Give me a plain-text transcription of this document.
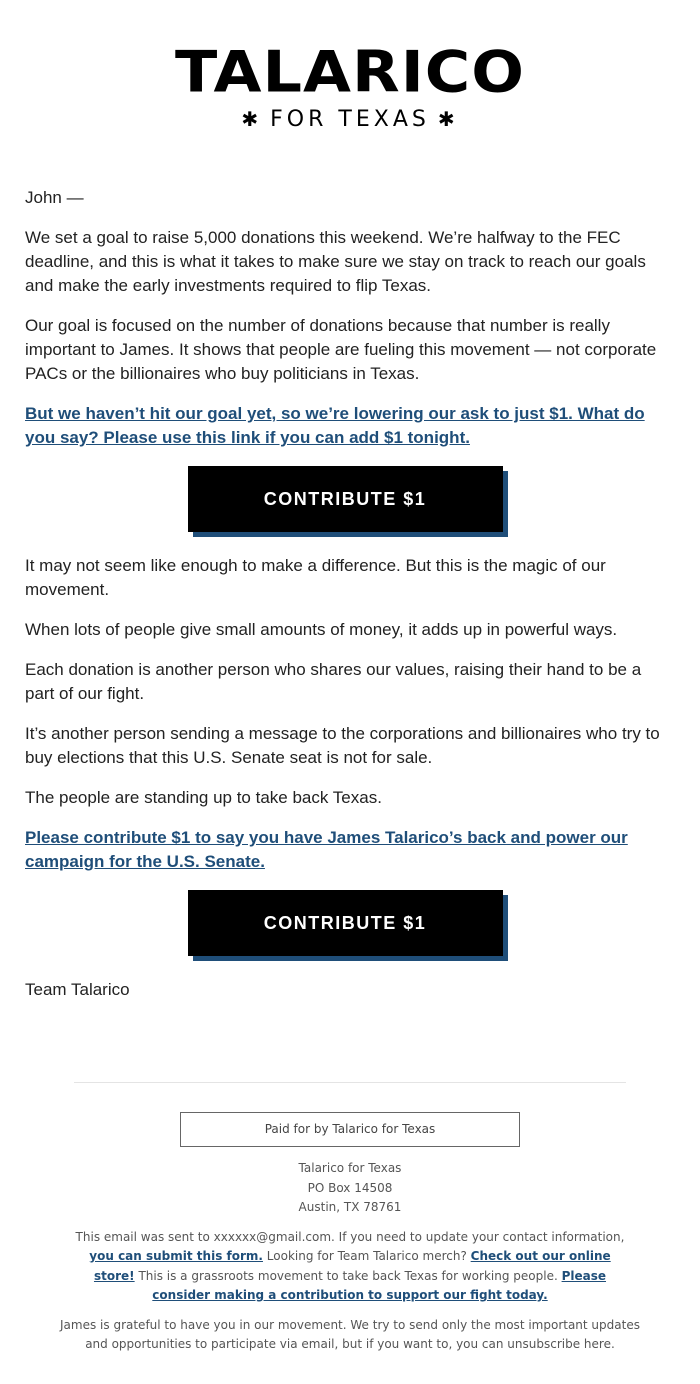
TALARICO
✱ FOR TEXAS ✱

John —

We set a goal to raise 5,000 donations this weekend. We’re halfway to the FEC deadline, and this is what it takes to make sure we stay on track to reach our goals and make the early investments required to flip Texas.

Our goal is focused on the number of donations because that number is really important to James. It shows that people are fueling this movement — not corporate PACs or the billionaires who buy politicians in Texas.

But we haven’t hit our goal yet, so we’re lowering our ask to just $1. What do you say? Please use this link if you can add $1 tonight.
CONTRIBUTE $1

It may not seem like enough to make a difference. But this is the magic of our movement.

When lots of people give small amounts of money, it adds up in powerful ways.

Each donation is another person who shares our values, raising their hand to be a part of our fight.

It’s another person sending a message to the corporations and billionaires who try to buy elections that this U.S. Senate seat is not for sale.

The people are standing up to take back Texas.

Please contribute $1 to say you have James Talarico’s back and power our campaign for the U.S. Senate.
CONTRIBUTE $1

Team Talarico

Paid for by Talarico for Texas
Talarico for Texas
PO Box 14508
Austin, TX 78761
This email was sent to xxxxxx@gmail.com. If you need to update your contact information, you can submit this form. Looking for Team Talarico merch? Check out our online store! This is a grassroots movement to take back Texas for working people. Please consider making a contribution to support our fight today.
James is grateful to have you in our movement. We try to send only the most important updates and opportunities to participate via email, but if you want to, you can unsubscribe here.
